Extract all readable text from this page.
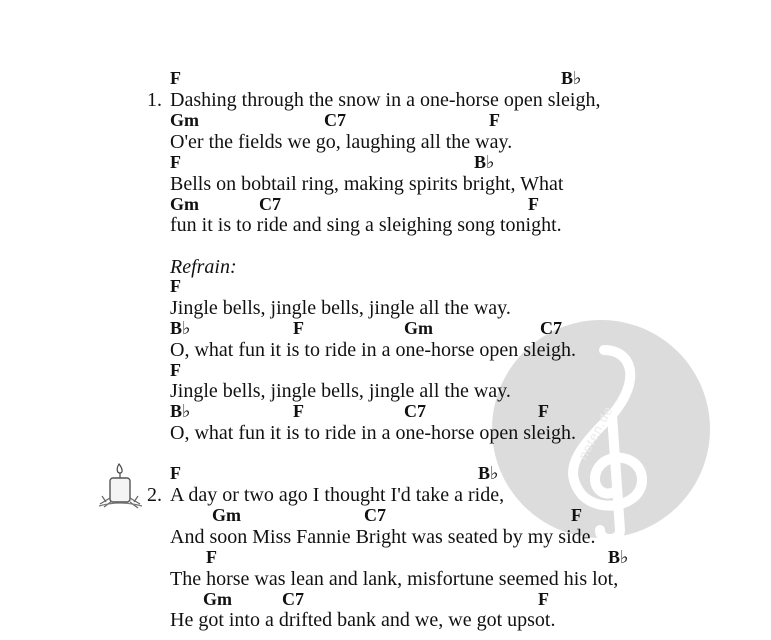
noten.de
F	B♭
1. Dashing through the snow in a one-horse open sleigh,
Gm	C7	F
O'er the fields we go, laughing all the way.
F	B♭
Bells on bobtail ring, making spirits bright, What
Gm	C7	F
fun it is to ride and sing a sleighing song tonight.
Refrain:
F
Jingle bells, jingle bells, jingle all the way.
B♭	F	Gm	C7
O, what fun it is to ride in a one-horse open sleigh.
F
Jingle bells, jingle bells, jingle all the way.
B♭	F	C7	F
O, what fun it is to ride in a one-horse open sleigh.
F	B♭
2. A day or two ago I thought I'd take a ride,
Gm	C7	F
And soon Miss Fannie Bright was seated by my side.
F	B♭
The horse was lean and lank, misfortune seemed his lot,
Gm	C7	F
He got into a drifted bank and we, we got upsot.
